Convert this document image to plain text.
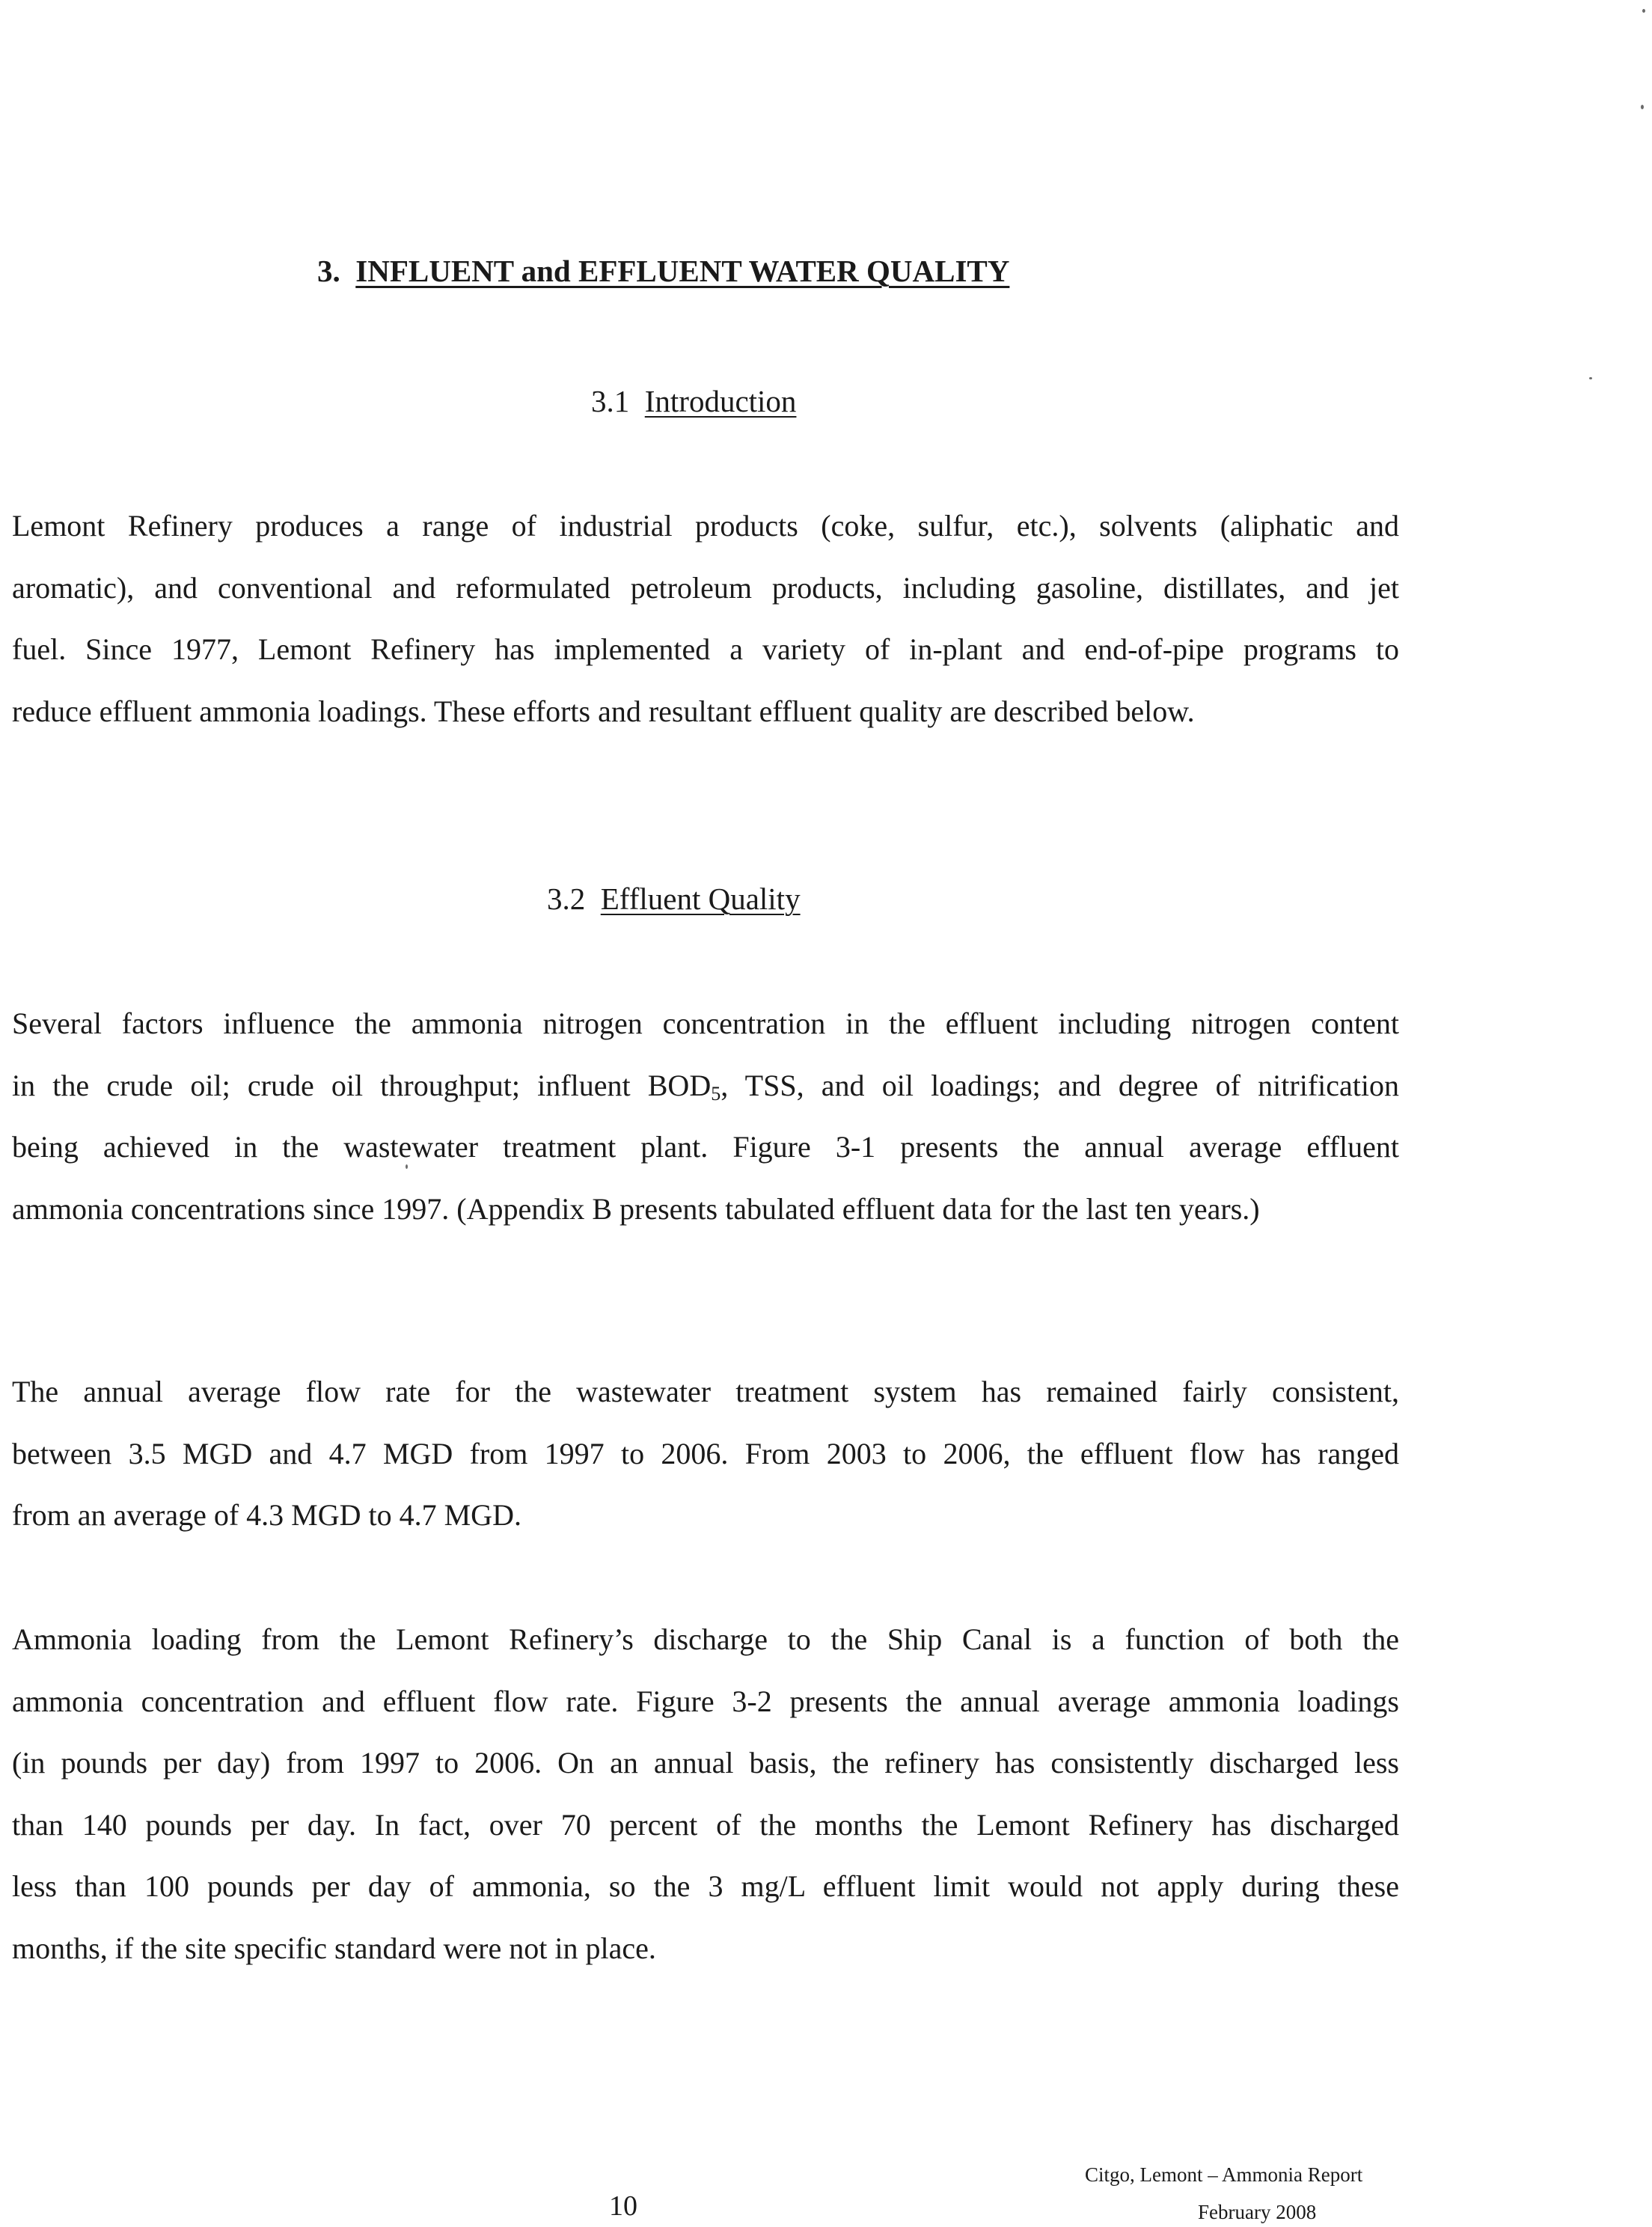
3. INFLUENT and EFFLUENT WATER QUALITY
3.1 Introduction

Lemont Refinery produces a range of industrial products (coke, sulfur, etc.), solvents (aliphatic and
aromatic), and conventional and reformulated petroleum products, including gasoline, distillates, and jet
fuel. Since 1977, Lemont Refinery has implemented a variety of in-plant and end-of-pipe programs to
reduce effluent ammonia loadings. These efforts and resultant effluent quality are described below.

3.2 Effluent Quality

Several factors influence the ammonia nitrogen concentration in the effluent including nitrogen content
in the crude oil; crude oil throughput; influent $BOD_5$, TSS, and oil loadings; and degree of nitrification
being achieved in the wastewater treatment plant. Figure 3-1 presents the annual average effluent
ammonia concentrations since 1997. (Appendix B presents tabulated effluent data for the last ten years.)

The annual average flow rate for the wastewater treatment system has remained fairly consistent,
between 3.5 MGD and 4.7 MGD from 1997 to 2006. From 2003 to 2006, the effluent flow has ranged
from an average of 4.3 MGD to 4.7 MGD.

Ammonia loading from the Lemont Refinery’s discharge to the Ship Canal is a function of both the
ammonia concentration and effluent flow rate. Figure 3-2 presents the annual average ammonia loadings
(in pounds per day) from 1997 to 2006. On an annual basis, the refinery has consistently discharged less
than 140 pounds per day. In fact, over 70 percent of the months the Lemont Refinery has discharged
less than 100 pounds per day of ammonia, so the 3 mg/L effluent limit would not apply during these
months, if the site specific standard were not in place.

10
Citgo, Lemont – Ammonia Report
February 2008
